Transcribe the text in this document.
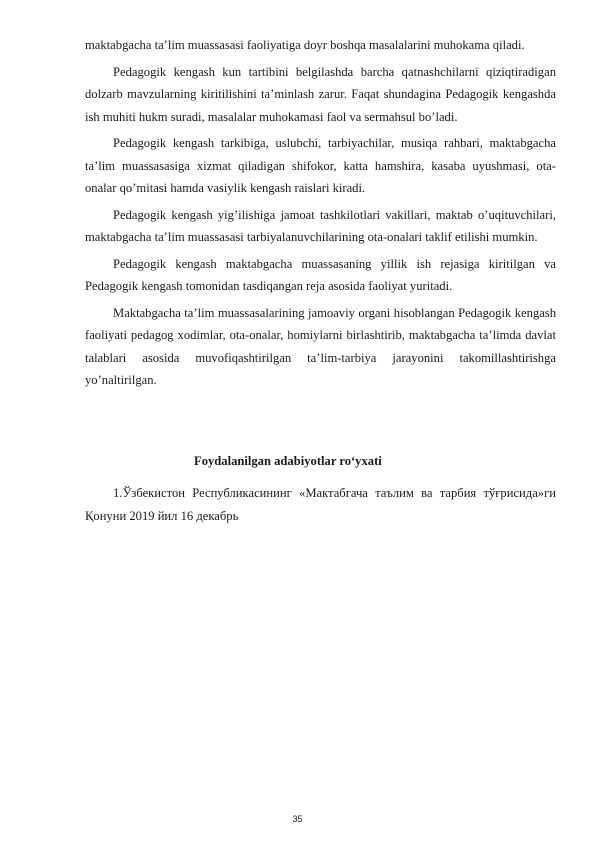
maktabgacha ta’lim muassasasi faoliyatiga doyr boshqa masalalarini muhokama qiladi.

Pedagogik kengash kun tartibini belgilashda barcha qatnashchilarni qiziqtiradigan dolzarb mavzularning kiritilishini ta’minlash zarur. Faqat shundagina Pedagogik kengashda ish muhiti hukm suradi, masalalar muhokamasi faol va sermahsul bo’ladi.

Pedagogik kengash tarkibiga, uslubchi, tarbiyachilar, musiqa rahbari, maktabgacha ta’lim muassasasiga xizmat qiladigan shifokor, katta hamshira, kasaba uyushmasi, ota- onalar qo’mitasi hamda vasiylik kengash raislari kiradi.

Pedagogik kengash yig’ilishiga jamoat tashkilotlari vakillari, maktab o’uqituvchilari, maktabgacha ta’lim muassasasi tarbiyalanuvchilarining ota-onalari taklif etilishi mumkin.

Pedagogik kengash maktabgacha muassasaning yillik ish rejasiga kiritilgan va Pedagogik kengash tomonidan tasdiqangan reja asosida faoliyat yuritadi.

Maktabgacha ta’lim muassasalarining jamoaviy organi hisoblangan Pedagogik kengash faoliyati pedagog xodimlar, ota-onalar, homiylarni birlashtirib, maktabgacha ta’limda davlat talablari asosida muvofiqashtirilgan ta’lim-tarbiya jarayonini takomillashtirishga yo’naltirilgan.

Foydalanilgan adabiyotlar ro‘yxati

1.Ўзбекистон Республикасининг «Мактабгача таълим ва тарбия тўғрисида»ги Қонуни 2019 йил 16 декабрь

35
